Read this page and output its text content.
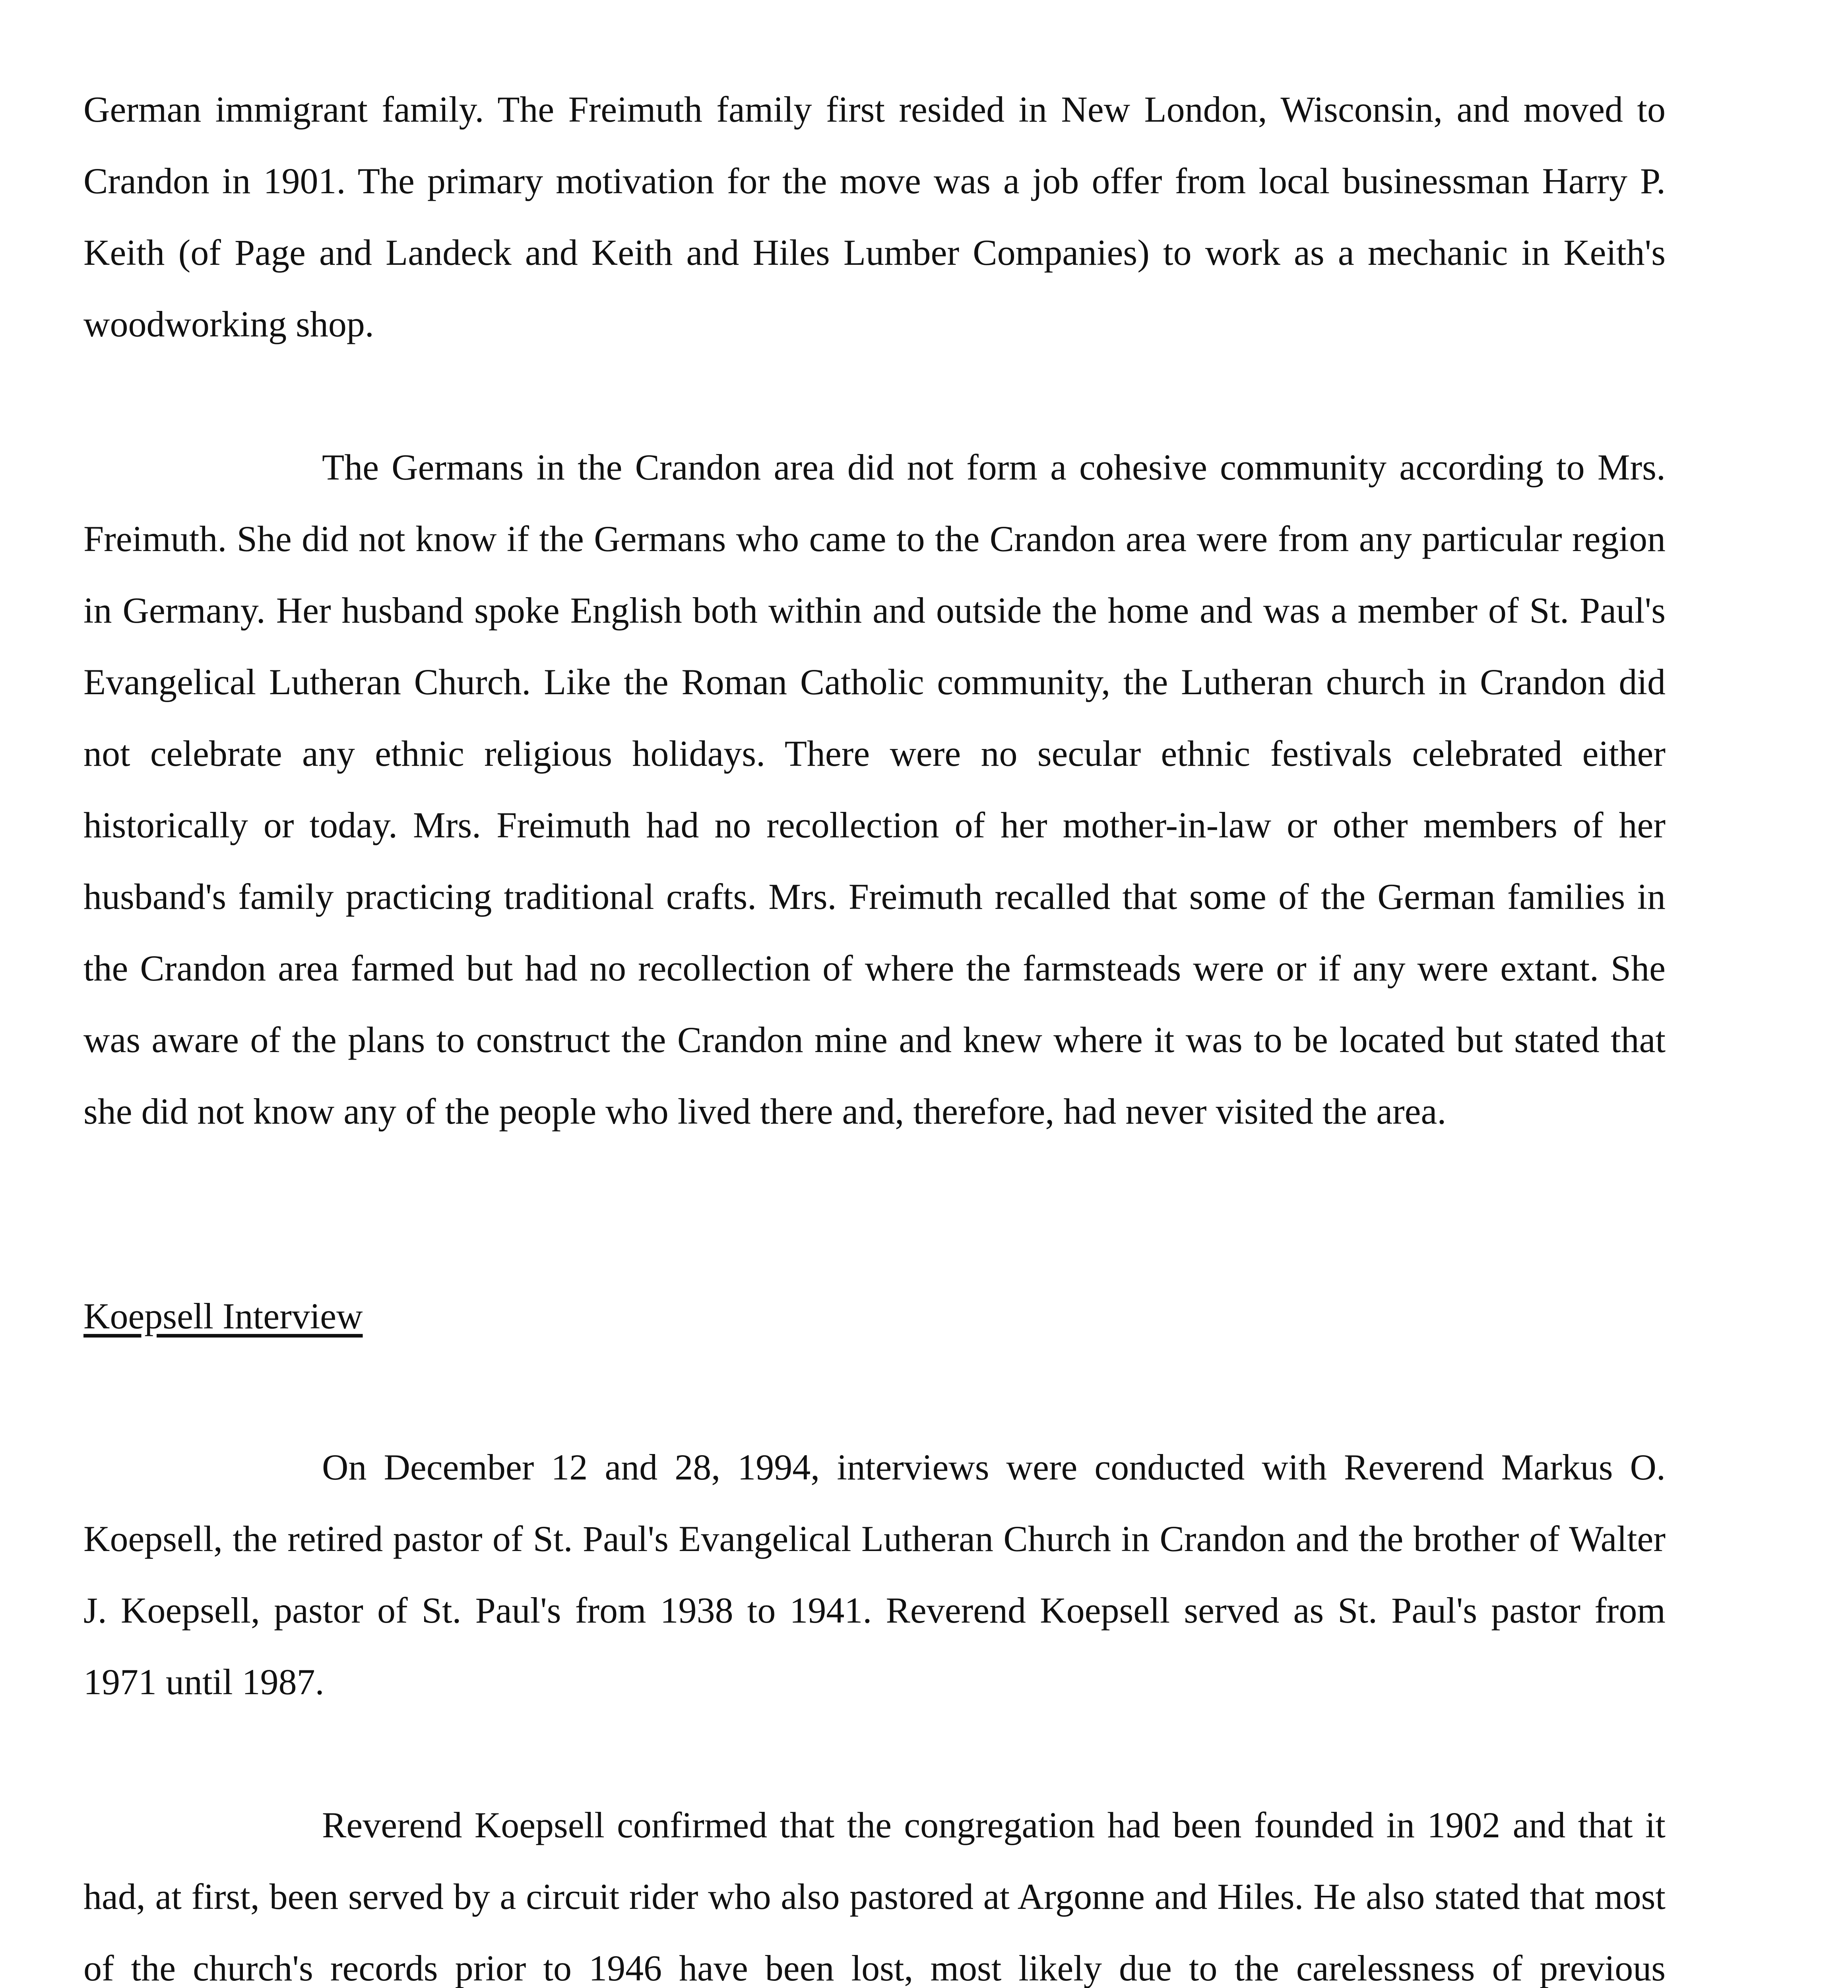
German immigrant family. The Freimuth family first resided in New London, Wisconsin, and moved to Crandon in 1901. The primary motivation for the move was a job offer from local businessman Harry P. Keith (of Page and Landeck and Keith and Hiles Lumber Companies) to work as a mechanic in Keith's woodworking shop.

The Germans in the Crandon area did not form a cohesive community according to Mrs. Freimuth. She did not know if the Germans who came to the Crandon area were from any particular region in Germany. Her husband spoke English both within and outside the home and was a member of St. Paul's Evangelical Lutheran Church. Like the Roman Catholic community, the Lutheran church in Crandon did not celebrate any ethnic religious holidays. There were no secular ethnic festivals celebrated either historically or today. Mrs. Freimuth had no recollection of her mother-in-law or other members of her husband's family practicing traditional crafts. Mrs. Freimuth recalled that some of the German families in the Crandon area farmed but had no recollection of where the farmsteads were or if any were extant. She was aware of the plans to construct the Crandon mine and knew where it was to be located but stated that she did not know any of the people who lived there and, therefore, had never visited the area.

Koepsell Interview

On December 12 and 28, 1994, interviews were conducted with Reverend Markus O. Koepsell, the retired pastor of St. Paul's Evangelical Lutheran Church in Crandon and the brother of Walter J. Koepsell, pastor of St. Paul's from 1938 to 1941. Reverend Koepsell served as St. Paul's pastor from 1971 until 1987.

Reverend Koepsell confirmed that the congregation had been founded in 1902 and that it had, at first, been served by a circuit rider who also pastored at Argonne and Hiles. He also stated that most of the church's records prior to 1946 have been lost, most likely due to the carelessness of previous
